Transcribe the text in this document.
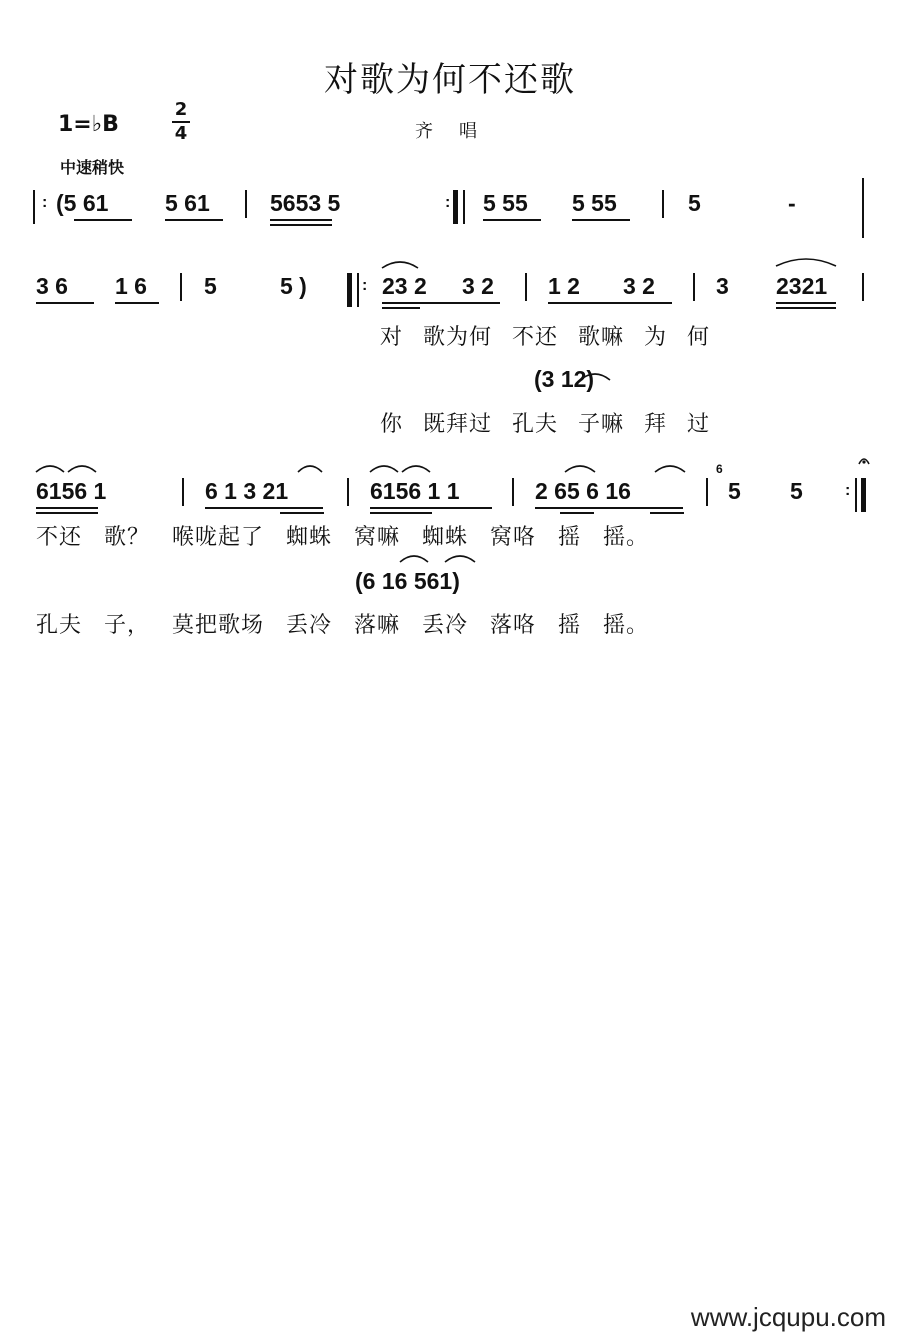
对歌为何不还歌
1=♭B
2
4	齐唱
中速稍快
: (5 61 5 61	5653 5	: 5 55 5 55	5	-
3 6 1 6 5	5 )	: 23 2 3 2 1 2 3 2	3 2321
对 歌为何 不还 歌嘛 为 何
(3 12)
你 既拜过 孔夫 子嘛 拜 过
6156 1	6 1 3 21	6156 1 1	2 65 6 16
6
5 5	:
不还 歌？ 喉咙起了 蜘蛛 窝嘛 蜘蛛 窝咯 摇 摇。
(6 16 561)
孔夫 子， 莫把歌场 丢冷 落嘛 丢冷 落咯 摇 摇。
www.jcqupu.com
